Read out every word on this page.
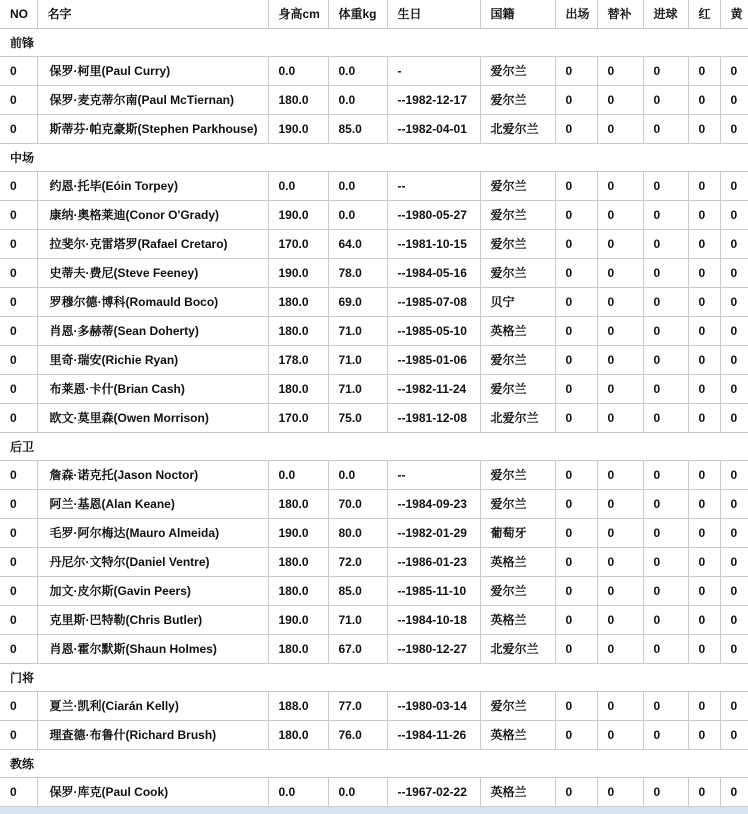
NO	名字	身高cm	体重kg	生日	国籍	出场	替补	进球	红	黄
前锋										
0	保罗·柯里(Paul Curry)	0.0	0.0	-	爱尔兰	0	0	0	0	0
0	保罗·麦克蒂尔南(Paul McTiernan)	180.0	0.0	--1982-12-17	爱尔兰	0	0	0	0	0
0	斯蒂芬·帕克豪斯(Stephen Parkhouse)	190.0	85.0	--1982-04-01	北爱尔兰	0	0	0	0	0
中场										
0	约恩·托毕(Eóin Torpey)	0.0	0.0	--	爱尔兰	0	0	0	0	0
0	康纳·奥格莱迪(Conor O'Grady)	190.0	0.0	--1980-05-27	爱尔兰	0	0	0	0	0
0	拉斐尔·克雷塔罗(Rafael Cretaro)	170.0	64.0	--1981-10-15	爱尔兰	0	0	0	0	0
0	史蒂夫·费尼(Steve Feeney)	190.0	78.0	--1984-05-16	爱尔兰	0	0	0	0	0
0	罗穆尔德·博科(Romauld Boco)	180.0	69.0	--1985-07-08	贝宁	0	0	0	0	0
0	肖恩·多赫蒂(Sean Doherty)	180.0	71.0	--1985-05-10	英格兰	0	0	0	0	0
0	里奇·瑞安(Richie Ryan)	178.0	71.0	--1985-01-06	爱尔兰	0	0	0	0	0
0	布莱恩·卡什(Brian Cash)	180.0	71.0	--1982-11-24	爱尔兰	0	0	0	0	0
0	欧文·莫里森(Owen Morrison)	170.0	75.0	--1981-12-08	北爱尔兰	0	0	0	0	0
后卫										
0	詹森·诺克托(Jason Noctor)	0.0	0.0	--	爱尔兰	0	0	0	0	0
0	阿兰·基恩(Alan Keane)	180.0	70.0	--1984-09-23	爱尔兰	0	0	0	0	0
0	毛罗·阿尔梅达(Mauro Almeida)	190.0	80.0	--1982-01-29	葡萄牙	0	0	0	0	0
0	丹尼尔·文特尔(Daniel Ventre)	180.0	72.0	--1986-01-23	英格兰	0	0	0	0	0
0	加文·皮尔斯(Gavin Peers)	180.0	85.0	--1985-11-10	爱尔兰	0	0	0	0	0
0	克里斯·巴特勒(Chris Butler)	190.0	71.0	--1984-10-18	英格兰	0	0	0	0	0
0	肖恩·霍尔默斯(Shaun Holmes)	180.0	67.0	--1980-12-27	北爱尔兰	0	0	0	0	0
门将										
0	夏兰·凯利(Ciarán Kelly)	188.0	77.0	--1980-03-14	爱尔兰	0	0	0	0	0
0	理查德·布鲁什(Richard Brush)	180.0	76.0	--1984-11-26	英格兰	0	0	0	0	0
教练										
0	保罗·库克(Paul Cook)	0.0	0.0	--1967-02-22	英格兰	0	0	0	0	0
